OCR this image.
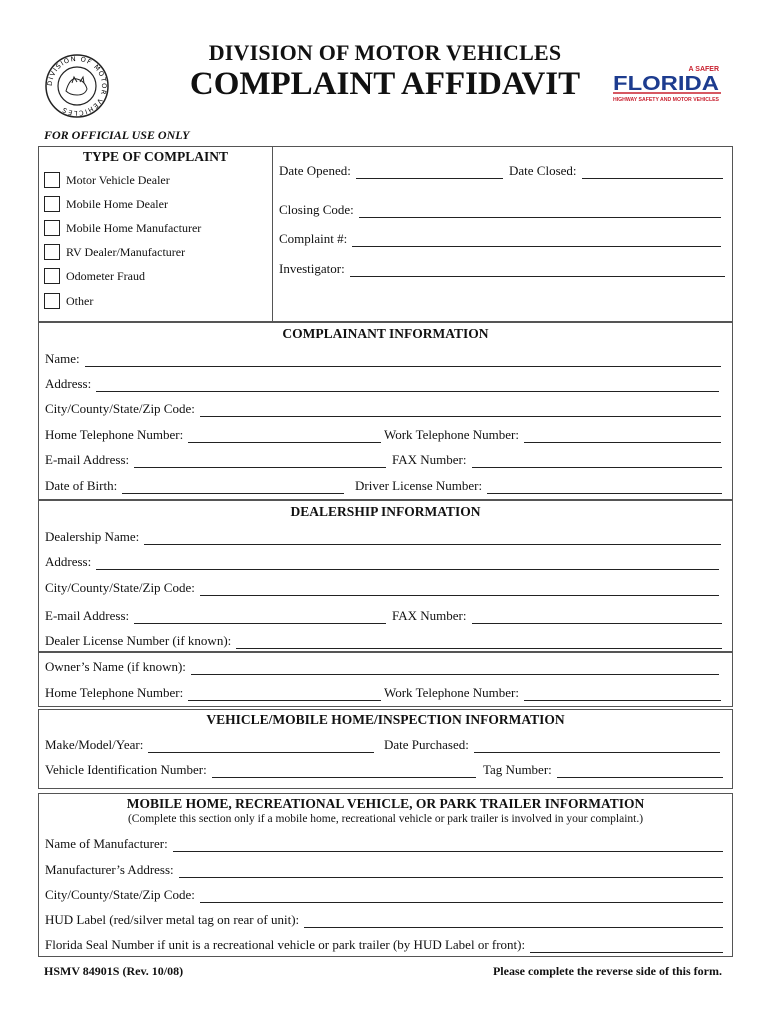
DIVISION OF MOTOR VEHICLES
DIVISION OF MOTOR VEHICLES
COMPLAINT AFFIDAVIT	A SAFER
FLORIDA
HIGHWAY SAFETY AND MOTOR VEHICLES
FOR OFFICIAL USE ONLY
TYPE OF COMPLAINT
Motor Vehicle Dealer
Mobile Home Dealer
Mobile Home Manufacturer
RV Dealer/Manufacturer
Odometer Fraud
Other
Date Opened:	Date Closed:
Closing Code:
Complaint #:
Investigator:
COMPLAINANT INFORMATION
Name:
Address:
City/County/State/Zip Code:
Home Telephone Number:	Work Telephone Number:
E-mail Address:	FAX Number:
Date of Birth:	Driver License Number:
DEALERSHIP INFORMATION
Dealership Name:
Address:
City/County/State/Zip Code:
E-mail Address:	FAX Number:
Dealer License Number (if known):
Owner’s Name (if known):
Home Telephone Number:	Work Telephone Number:
VEHICLE/MOBILE HOME/INSPECTION INFORMATION
Make/Model/Year:	Date Purchased:
Vehicle Identification Number:	Tag Number:
MOBILE HOME, RECREATIONAL VEHICLE, OR PARK TRAILER INFORMATION
(Complete this section only if a mobile home, recreational vehicle or park trailer is involved in your complaint.)
Name of Manufacturer:
Manufacturer’s Address:
City/County/State/Zip Code:
HUD Label (red/silver metal tag on rear of unit):
Florida Seal Number if unit is a recreational vehicle or park trailer (by HUD Label or front):
HSMV 84901S (Rev. 10/08)	Please complete the reverse side of this form.
